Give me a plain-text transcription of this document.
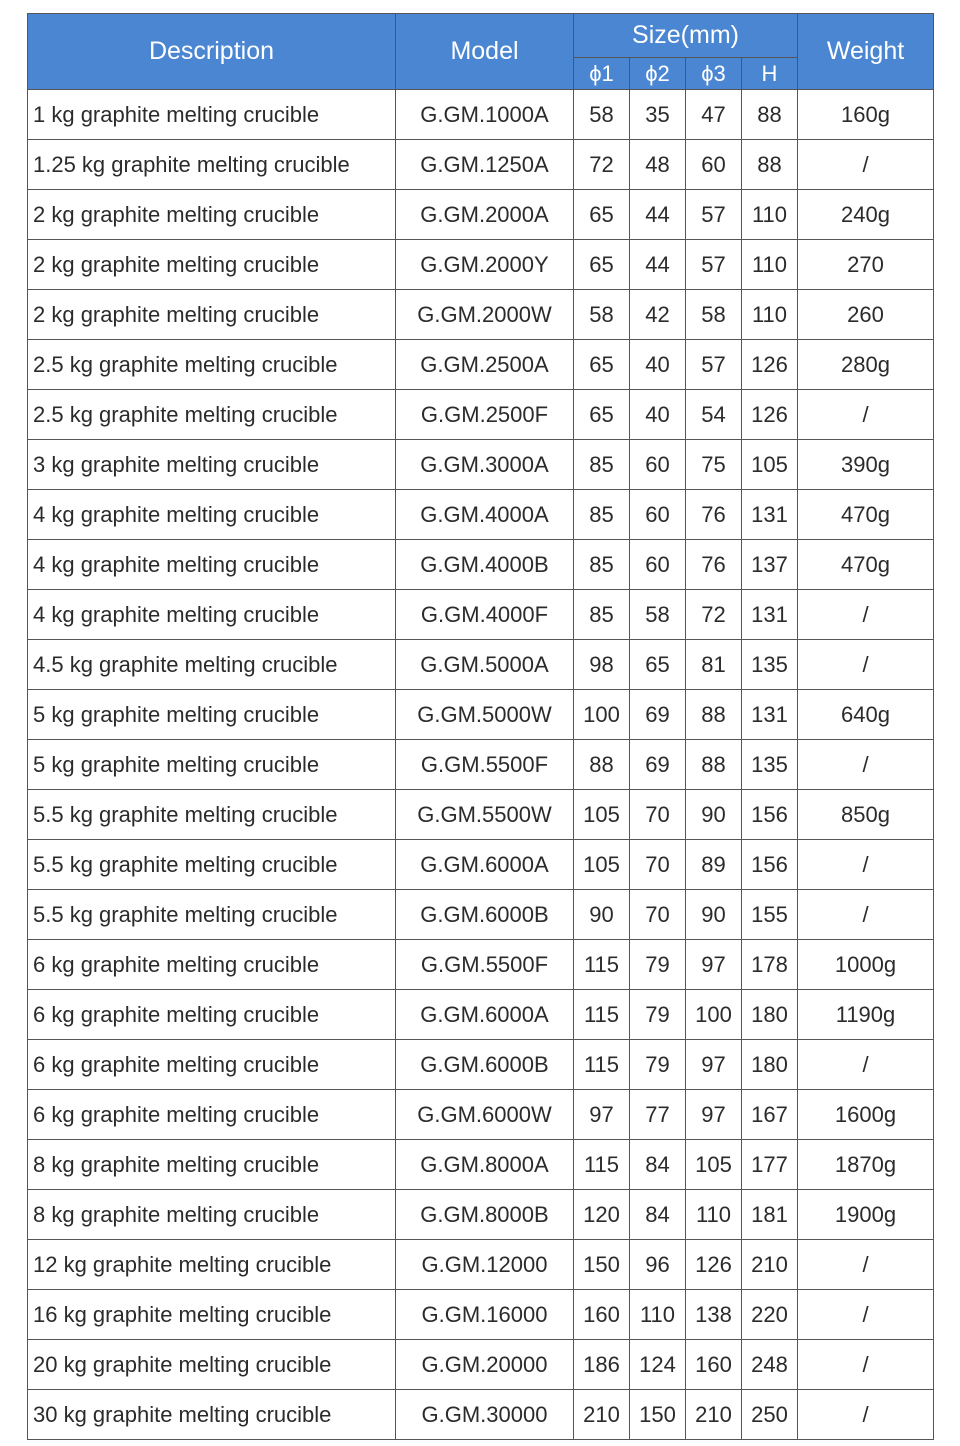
Description	Model	Size(mm)				Weight
		ϕ1	ϕ2	ϕ3	H	
1 kg graphite melting crucible	G.GM.1000A	58	35	47	88	160g
1.25 kg graphite melting crucible	G.GM.1250A	72	48	60	88	/
2 kg graphite melting crucible	G.GM.2000A	65	44	57	110	240g
2 kg graphite melting crucible	G.GM.2000Y	65	44	57	110	270
2 kg graphite melting crucible	G.GM.2000W	58	42	58	110	260
2.5 kg graphite melting crucible	G.GM.2500A	65	40	57	126	280g
2.5 kg graphite melting crucible	G.GM.2500F	65	40	54	126	/
3 kg graphite melting crucible	G.GM.3000A	85	60	75	105	390g
4 kg graphite melting crucible	G.GM.4000A	85	60	76	131	470g
4 kg graphite melting crucible	G.GM.4000B	85	60	76	137	470g
4 kg graphite melting crucible	G.GM.4000F	85	58	72	131	/
4.5 kg graphite melting crucible	G.GM.5000A	98	65	81	135	/
5 kg graphite melting crucible	G.GM.5000W	100	69	88	131	640g
5 kg graphite melting crucible	G.GM.5500F	88	69	88	135	/
5.5 kg graphite melting crucible	G.GM.5500W	105	70	90	156	850g
5.5 kg graphite melting crucible	G.GM.6000A	105	70	89	156	/
5.5 kg graphite melting crucible	G.GM.6000B	90	70	90	155	/
6 kg graphite melting crucible	G.GM.5500F	115	79	97	178	1000g
6 kg graphite melting crucible	G.GM.6000A	115	79	100	180	1190g
6 kg graphite melting crucible	G.GM.6000B	115	79	97	180	/
6 kg graphite melting crucible	G.GM.6000W	97	77	97	167	1600g
8 kg graphite melting crucible	G.GM.8000A	115	84	105	177	1870g
8 kg graphite melting crucible	G.GM.8000B	120	84	110	181	1900g
12 kg graphite melting crucible	G.GM.12000	150	96	126	210	/
16 kg graphite melting crucible	G.GM.16000	160	110	138	220	/
20 kg graphite melting crucible	G.GM.20000	186	124	160	248	/
30 kg graphite melting crucible	G.GM.30000	210	150	210	250	/
